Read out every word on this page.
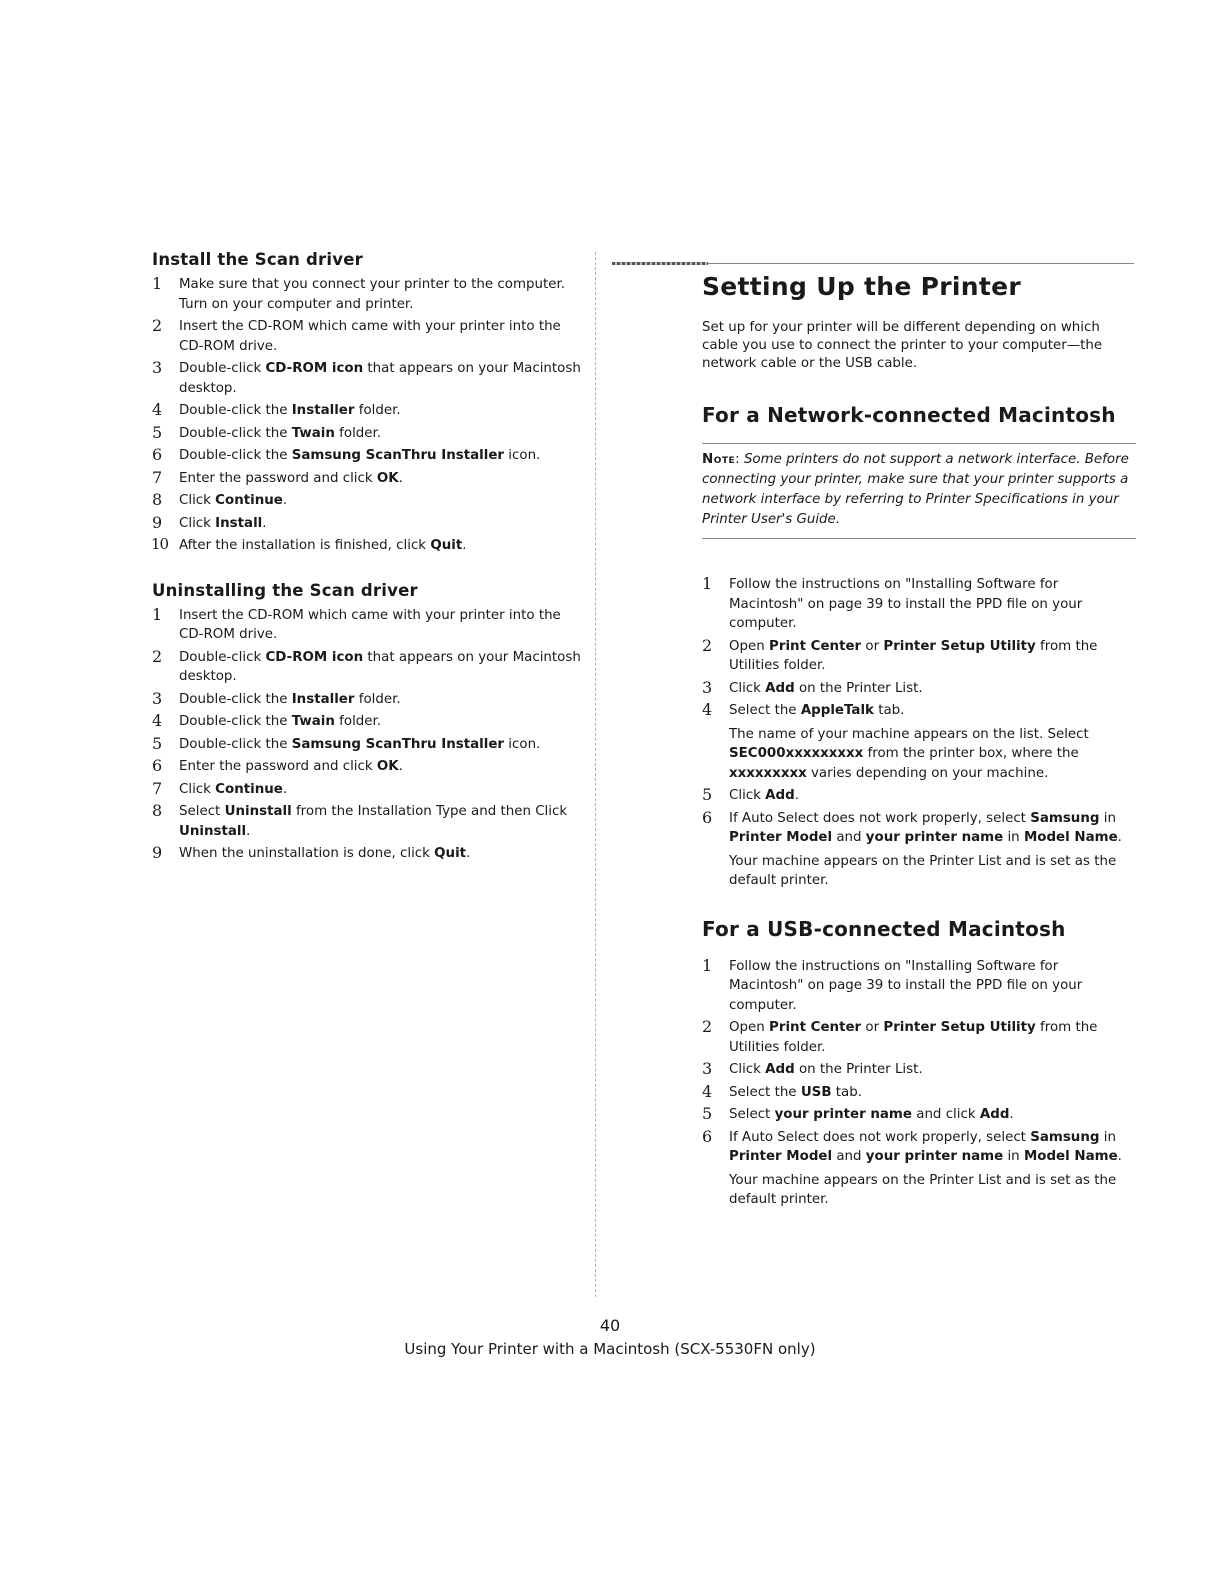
Install the Scan driver
1 Make sure that you connect your printer to the computer. Turn on your computer and printer.
2 Insert the CD-ROM which came with your printer into the CD-ROM drive.
3 Double-click CD-ROM icon that appears on your Macintosh desktop.
4 Double-click the Installer folder.
5 Double-click the Twain folder.
6 Double-click the Samsung ScanThru Installer icon.
7 Enter the password and click OK.
8 Click Continue.
9 Click Install.
10 After the installation is finished, click Quit.
Uninstalling the Scan driver
1 Insert the CD-ROM which came with your printer into the CD-ROM drive.
2 Double-click CD-ROM icon that appears on your Macintosh desktop.
3 Double-click the Installer folder.
4 Double-click the Twain folder.
5 Double-click the Samsung ScanThru Installer icon.
6 Enter the password and click OK.
7 Click Continue.
8 Select Uninstall from the Installation Type and then Click Uninstall.
9 When the uninstallation is done, click Quit.
Setting Up the Printer

Set up for your printer will be different depending on which cable you use to connect the printer to your computer—the network cable or the USB cable.

For a Network-connected Macintosh
Note: Some printers do not support a network interface. Before connecting your printer, make sure that your printer supports a network interface by referring to Printer Specifications in your Printer User's Guide.
1 Follow the instructions on "Installing Software for Macintosh" on page 39 to install the PPD file on your computer.
2 Open Print Center or Printer Setup Utility from the Utilities folder.
3 Click Add on the Printer List.
4 Select the AppleTalk tab.
The name of your machine appears on the list. Select SEC000xxxxxxxxx from the printer box, where the xxxxxxxxx varies depending on your machine.
5 Click Add.
6 If Auto Select does not work properly, select Samsung in Printer Model and your printer name in Model Name.
Your machine appears on the Printer List and is set as the default printer.
For a USB-connected Macintosh
1 Follow the instructions on "Installing Software for Macintosh" on page 39 to install the PPD file on your computer.
2 Open Print Center or Printer Setup Utility from the Utilities folder.
3 Click Add on the Printer List.
4 Select the USB tab.
5 Select your printer name and click Add.
6 If Auto Select does not work properly, select Samsung in Printer Model and your printer name in Model Name.
Your machine appears on the Printer List and is set as the default printer.
40
Using Your Printer with a Macintosh (SCX-5530FN only)
